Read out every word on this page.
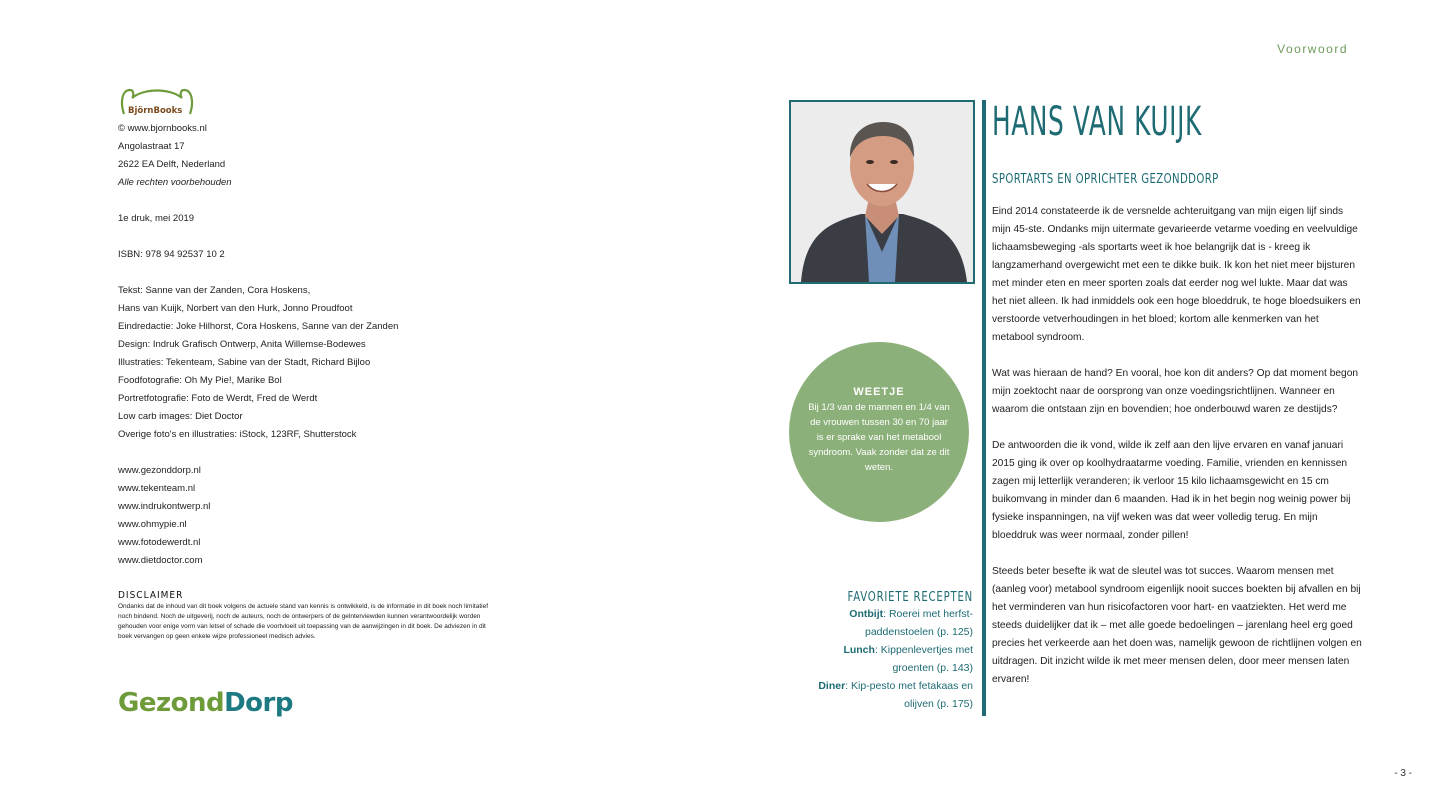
Voorwoord
- 3 -
BjörnBooks
© www.bjornbooks.nl
Angolastraat 17
2622 EA Delft, Nederland
Alle rechten voorbehouden
1e druk, mei 2019
ISBN: 978 94 92537 10 2
Tekst: Sanne van der Zanden, Cora Hoskens,
Hans van Kuijk, Norbert van den Hurk, Jonno Proudfoot
Eindredactie: Joke Hilhorst, Cora Hoskens, Sanne van der Zanden
Design: Indruk Grafisch Ontwerp, Anita Willemse-Bodewes
Illustraties: Tekenteam, Sabine van der Stadt, Richard Bijloo
Foodfotografie: Oh My Pie!, Marike Bol
Portretfotografie: Foto de Werdt, Fred de Werdt
Low carb images: Diet Doctor
Overige foto's en illustraties: iStock, 123RF, Shutterstock
www.gezonddorp.nl
www.tekenteam.nl
www.indrukontwerp.nl
www.ohmypie.nl
www.fotodewerdt.nl
www.dietdoctor.com
DISCLAIMER
Ondanks dat de inhoud van dit boek volgens de actuele stand van kennis is ontwikkeld, is de informatie in dit boek noch limitatief noch bindend. Noch de uitgeverij, noch de auteurs, noch de ontwerpers of de gelnterviewden kunnen verantwoordelijk worden gehouden voor enige vorm van letsel of schade die voortvloeit uit toepassing van de aanwijzingen in dit boek. De adviezen in dit boek vervangen op geen enkele wijze professioneel medisch advies.
GezondDorp
WEETJE
Bij 1/3 van de mannen en 1/4 van de vrouwen tussen 30 en 70 jaar is er sprake van het metabool syndroom. Vaak zonder dat ze dit weten.
FAVORIETE RECEPTEN
Ontbijt: Roerei met herfst- paddenstoelen (p. 125)
Lunch: Kippenlevertjes met groenten (p. 143)
Diner: Kip-pesto met fetakaas en olijven (p. 175)
HANS VAN KUIJK
SPORTARTS EN OPRICHTER GEZONDDORP

Eind 2014 constateerde ik de versnelde achteruitgang van mijn eigen lijf sinds mijn 45-ste. Ondanks mijn uitermate gevarieerde vetarme voeding en veelvuldige lichaamsbeweging -als sportarts weet ik hoe belangrijk dat is - kreeg ik langzamerhand overgewicht met een te dikke buik. Ik kon het niet meer bijsturen met minder eten en meer sporten zoals dat eerder nog wel lukte. Maar dat was het niet alleen. Ik had inmiddels ook een hoge bloeddruk, te hoge bloedsuikers en verstoorde vetverhoudingen in het bloed; kortom alle kenmerken van het metabool syndroom.

Wat was hieraan de hand? En vooral, hoe kon dit anders? Op dat moment begon mijn zoektocht naar de oorsprong van onze voedingsrichtlijnen. Wanneer en waarom die ontstaan zijn en bovendien; hoe onderbouwd waren ze destijds?

De antwoorden die ik vond, wilde ik zelf aan den lijve ervaren en vanaf januari 2015 ging ik over op koolhydraatarme voeding. Familie, vrienden en kennissen zagen mij letterlijk veranderen; ik verloor 15 kilo lichaamsgewicht en 15 cm buikomvang in minder dan 6 maanden. Had ik in het begin nog weinig power bij fysieke inspanningen, na vijf weken was dat weer volledig terug. En mijn bloeddruk was weer normaal, zonder pillen!

Steeds beter besefte ik wat de sleutel was tot succes. Waarom mensen met (aanleg voor) metabool syndroom eigenlijk nooit succes boekten bij afvallen en bij het verminderen van hun risicofactoren voor hart- en vaatziekten. Het werd me steeds duidelijker dat ik – met alle goede bedoelingen – jarenlang heel erg goed precies het verkeerde aan het doen was, namelijk gewoon de richtlijnen volgen en uitdragen. Dit inzicht wilde ik met meer mensen delen, door meer mensen laten ervaren!
